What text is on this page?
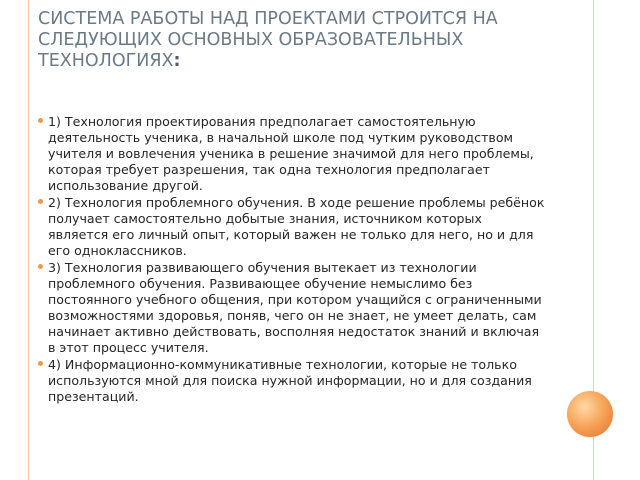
СИСТЕМА РАБОТЫ НАД ПРОЕКТАМИ СТРОИТСЯ НА СЛЕДУЮЩИХ ОСНОВНЫХ ОБРАЗОВАТЕЛЬНЫХ ТЕХНОЛОГИЯХ:
1) Технология проектирования предполагает самостоятельную деятельность ученика, в начальной школе под чутким руководством учителя и вовлечения ученика в решение значимой для него проблемы, которая требует разрешения, так одна технология предполагает использование другой.
2) Технология проблемного обучения. В ходе решение проблемы ребёнок получает самостоятельно добытые знания, источником которых является его личный опыт, который важен не только для него, но и для его одноклассников.
3) Технология развивающего обучения вытекает из технологии проблемного обучения. Развивающее обучение немыслимо без постоянного учебного общения, при котором учащийся с ограниченными возможностями здоровья, поняв, чего он не знает, не умеет делать, сам начинает активно действовать, восполняя недостаток знаний и включая в этот процесс учителя.
4) Информационно-коммуникативные технологии, которые не только используются мной для поиска нужной информации, но и для создания презентаций.
